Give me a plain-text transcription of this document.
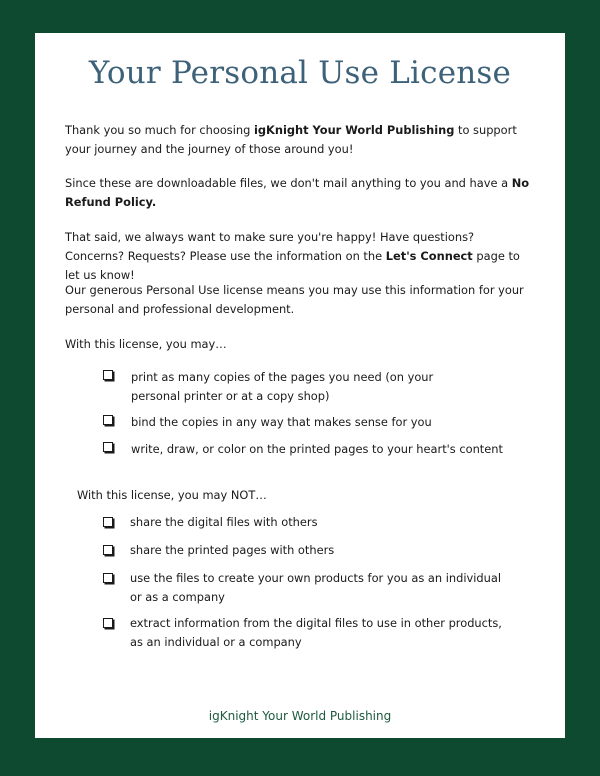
Your Personal Use License
Thank you so much for choosing igKnight Your World Publishing to support your journey and the journey of those around you!
Since these are downloadable files, we don't mail anything to you and have a No Refund Policy.
That said, we always want to make sure you're happy! Have questions? Concerns? Requests? Please use the information on the Let's Connect page to let us know!
Our generous Personal Use license means you may use this information for your personal and professional development.
With this license, you may…
print as many copies of the pages you need (on your personal printer or at a copy shop)
bind the copies in any way that makes sense for you
write, draw, or color on the printed pages to your heart's content
With this license, you may NOT…
share the digital files with others
share the printed pages with others
use the files to create your own products for you as an individual or as a company
extract information from the digital files to use in other products, as an individual or a company
igKnight Your World Publishing
